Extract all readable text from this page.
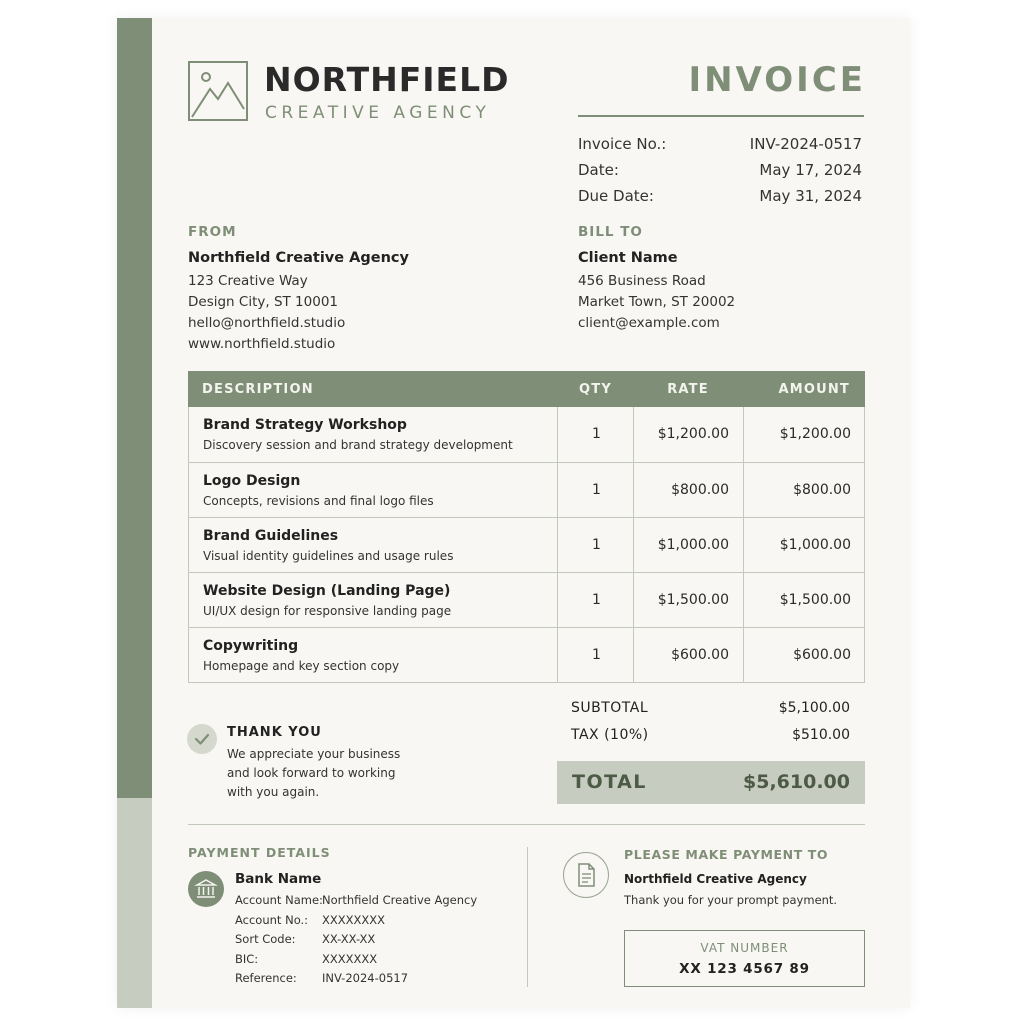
NORTHFIELD
CREATIVE AGENCY
INVOICE
Invoice No.:	INV-2024-0517
Date:	May 17, 2024
Due Date:	May 31, 2024
FROM
Northfield Creative Agency
123 Creative Way
Design City, ST 10001
hello@northfield.studio
www.northfield.studio
BILL TO
Client Name
456 Business Road
Market Town, ST 20002
client@example.com
DESCRIPTION	QTY	RATE	AMOUNT
Brand Strategy Workshop
Discovery session and brand strategy development
1	$1,200.00	$1,200.00
Logo Design
Concepts, revisions and final logo files
1	$800.00	$800.00
Brand Guidelines
Visual identity guidelines and usage rules
1	$1,000.00	$1,000.00
Website Design (Landing Page)
UI/UX design for responsive landing page
1	$1,500.00	$1,500.00
Copywriting
Homepage and key section copy
1	$600.00	$600.00
SUBTOTAL	$5,100.00
TAX (10%)	$510.00
TOTAL	$5,610.00
THANK YOU
We appreciate your business
and look forward to working
with you again.
PAYMENT DETAILS
Bank Name
Account Name: Northfield Creative Agency
Account No.: XXXXXXXX
Sort Code: XX-XX-XX
BIC:	XXXXXXX
Reference: INV-2024-0517
PLEASE MAKE PAYMENT TO
Northfield Creative Agency
Thank you for your prompt payment.
VAT NUMBER
XX 123 4567 89
